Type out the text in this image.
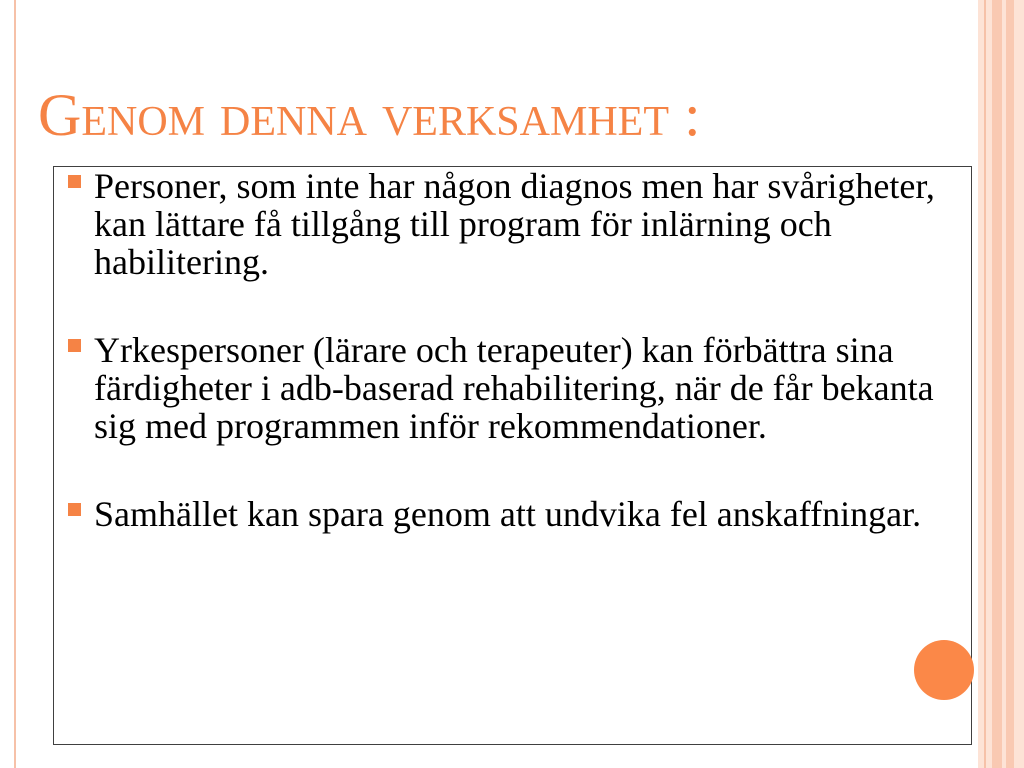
Genom denna verksamhet :
Personer, som inte har någon diagnos men har svårigheter, kan lättare få tillgång till program för inlärning och habilitering.
Yrkespersoner (lärare och terapeuter) kan förbättra sina färdigheter i adb-baserad rehabilitering, när de får bekanta sig med programmen inför rekommendationer.
Samhället kan spara genom att undvika fel anskaffningar.
